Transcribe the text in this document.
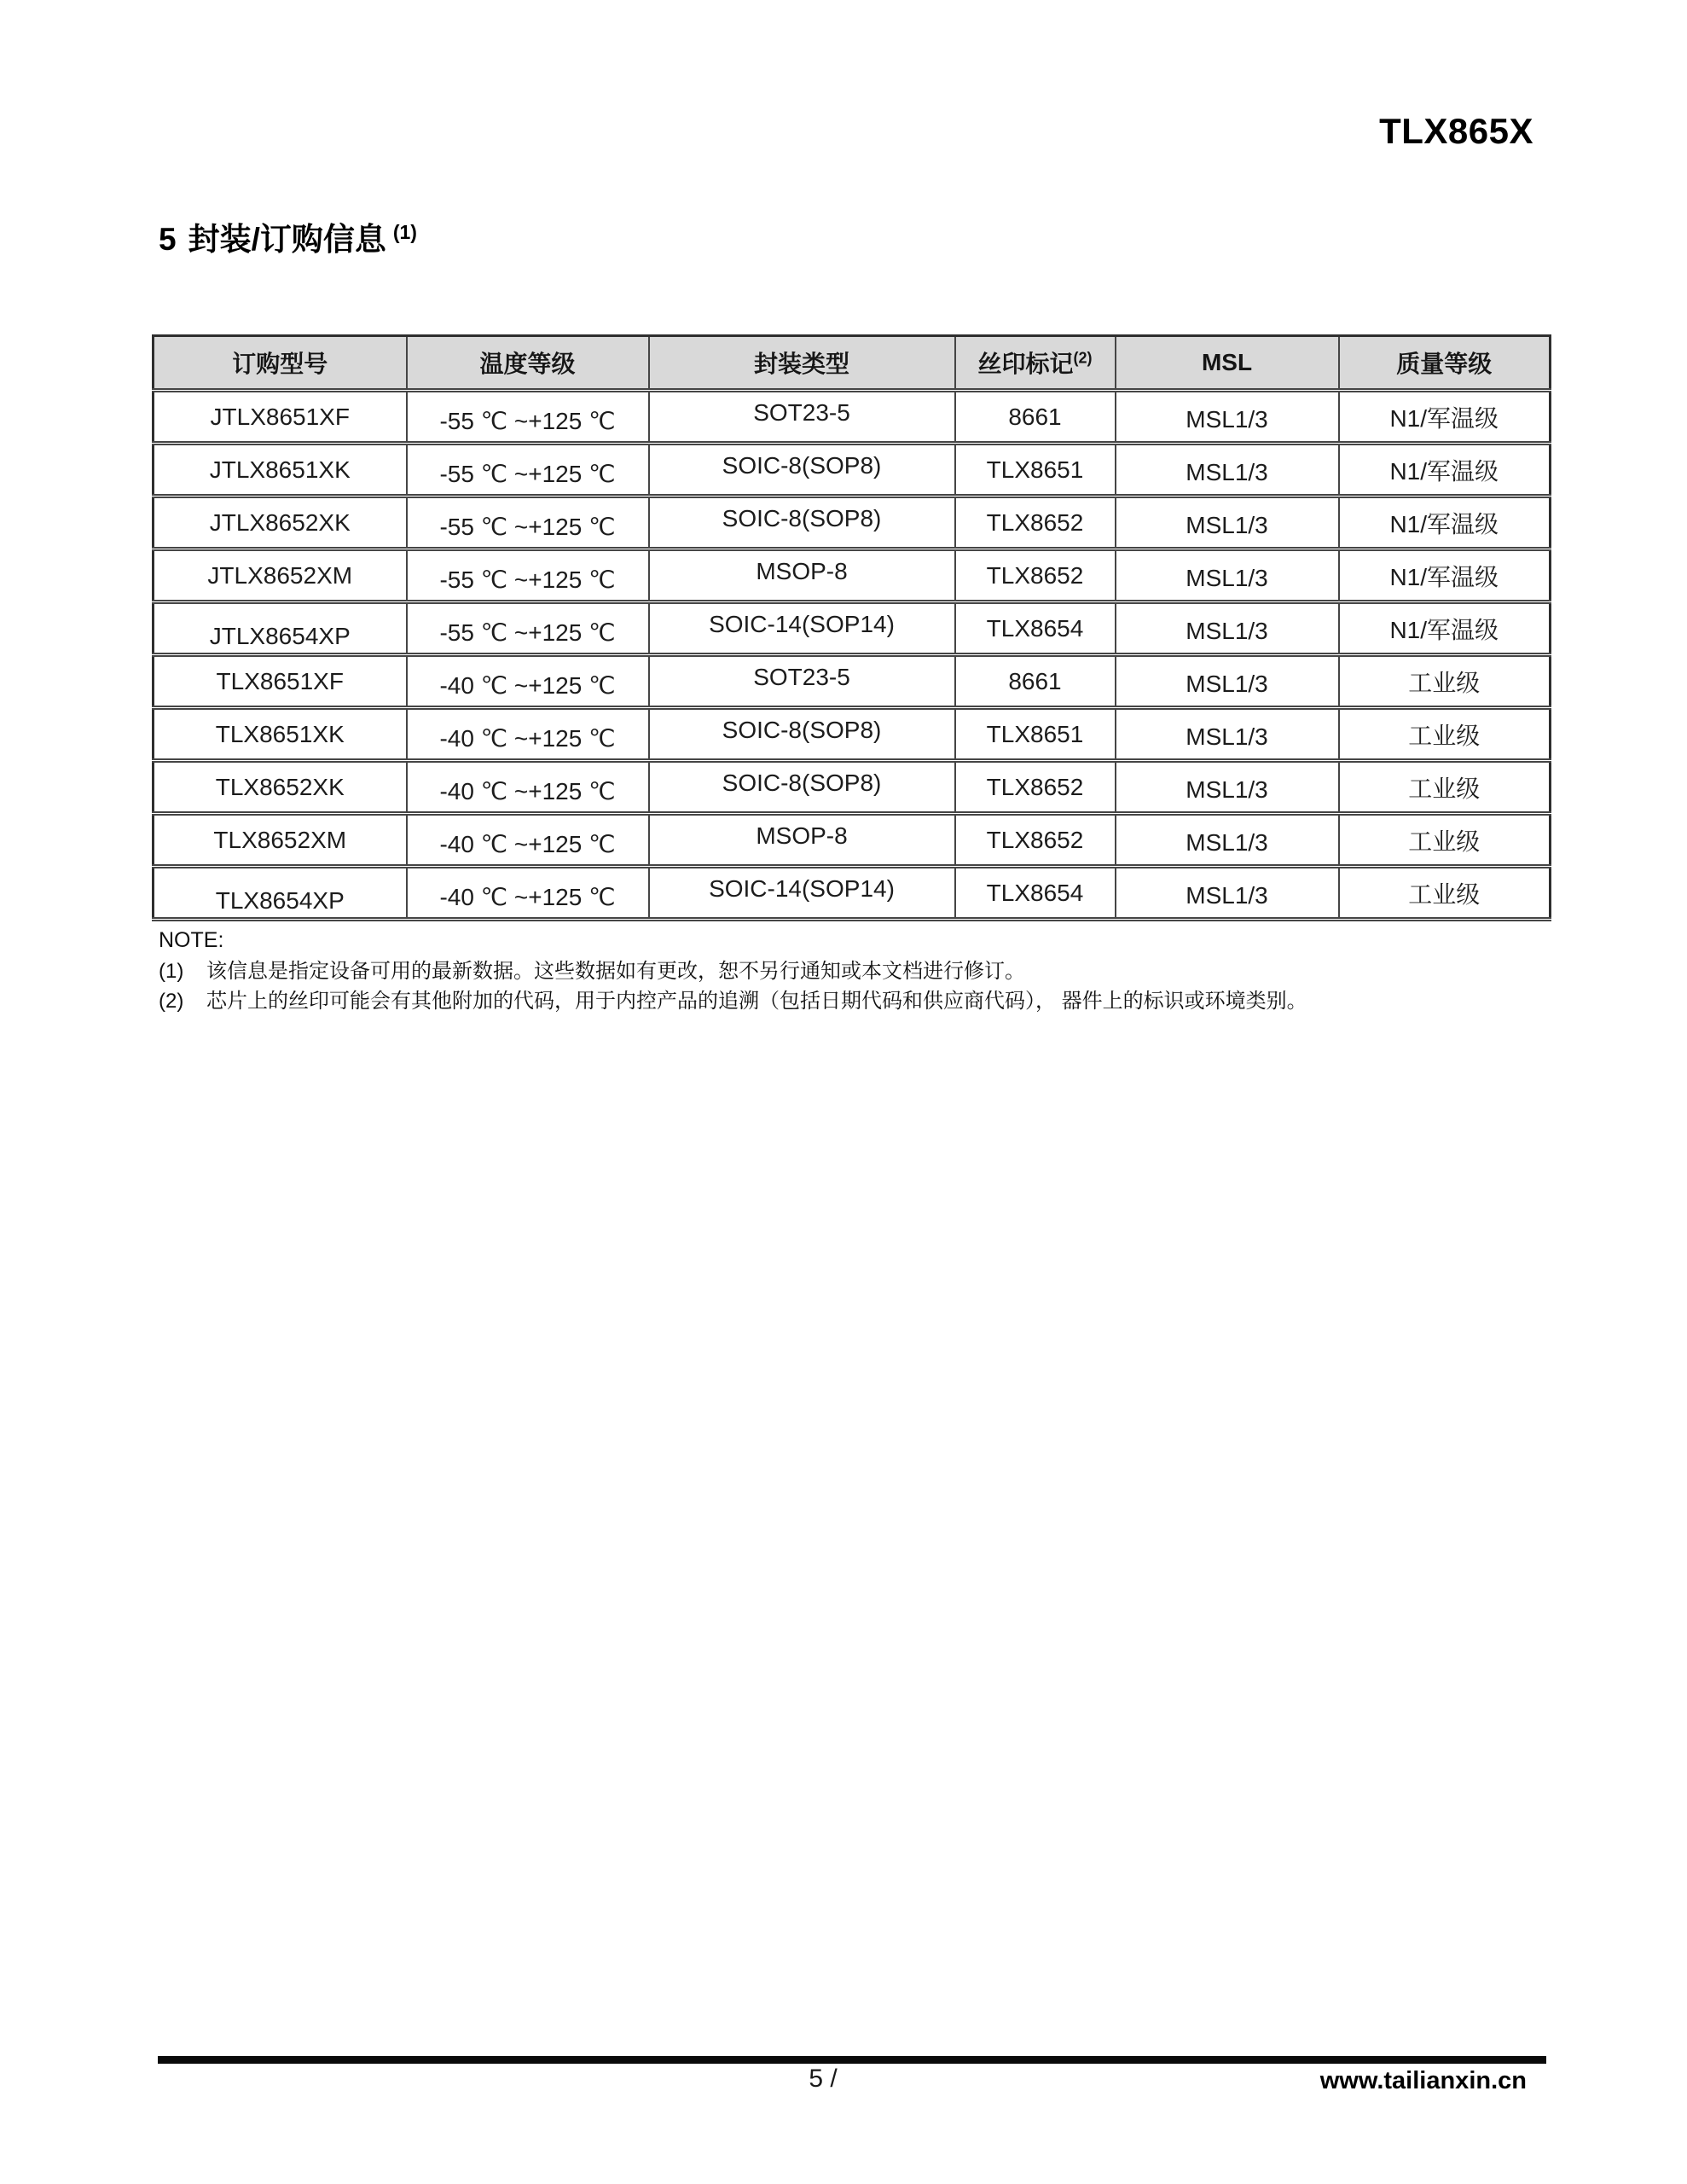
TLX865X
5 封装/订购信息 $^{(1)}$
订购型号	温度等级	封装类型	丝印标记$^{(2)}$	MSL	质量等级
JTLX8651XF	-55 ℃ ~+125 ℃	SOT23-5	8661	MSL1/3	N1/军温级
JTLX8651XK	-55 ℃ ~+125 ℃	SOIC-8(SOP8)	TLX8651	MSL1/3	N1/军温级
JTLX8652XK	-55 ℃ ~+125 ℃	SOIC-8(SOP8)	TLX8652	MSL1/3	N1/军温级
JTLX8652XM	-55 ℃ ~+125 ℃	MSOP-8	TLX8652	MSL1/3	N1/军温级
JTLX8654XP	-55 ℃ ~+125 ℃	SOIC-14(SOP14)	TLX8654	MSL1/3	N1/军温级
TLX8651XF	-40 ℃ ~+125 ℃	SOT23-5	8661	MSL1/3	工业级
TLX8651XK	-40 ℃ ~+125 ℃	SOIC-8(SOP8)	TLX8651	MSL1/3	工业级
TLX8652XK	-40 ℃ ~+125 ℃	SOIC-8(SOP8)	TLX8652	MSL1/3	工业级
TLX8652XM	-40 ℃ ~+125 ℃	MSOP-8	TLX8652	MSL1/3	工业级
TLX8654XP	-40 ℃ ~+125 ℃	SOIC-14(SOP14)	TLX8654	MSL1/3	工业级
NOTE:
(1)	该信息是指定设备可用的最新数据。这些数据如有更改，恕不另行通知或本文档进行修订。
(2)	芯片上的丝印可能会有其他附加的代码，用于内控产品的追溯（包括日期代码和供应商代码）， 器件上的标识或环境类别。
5 /	www.tailianxin.cn
